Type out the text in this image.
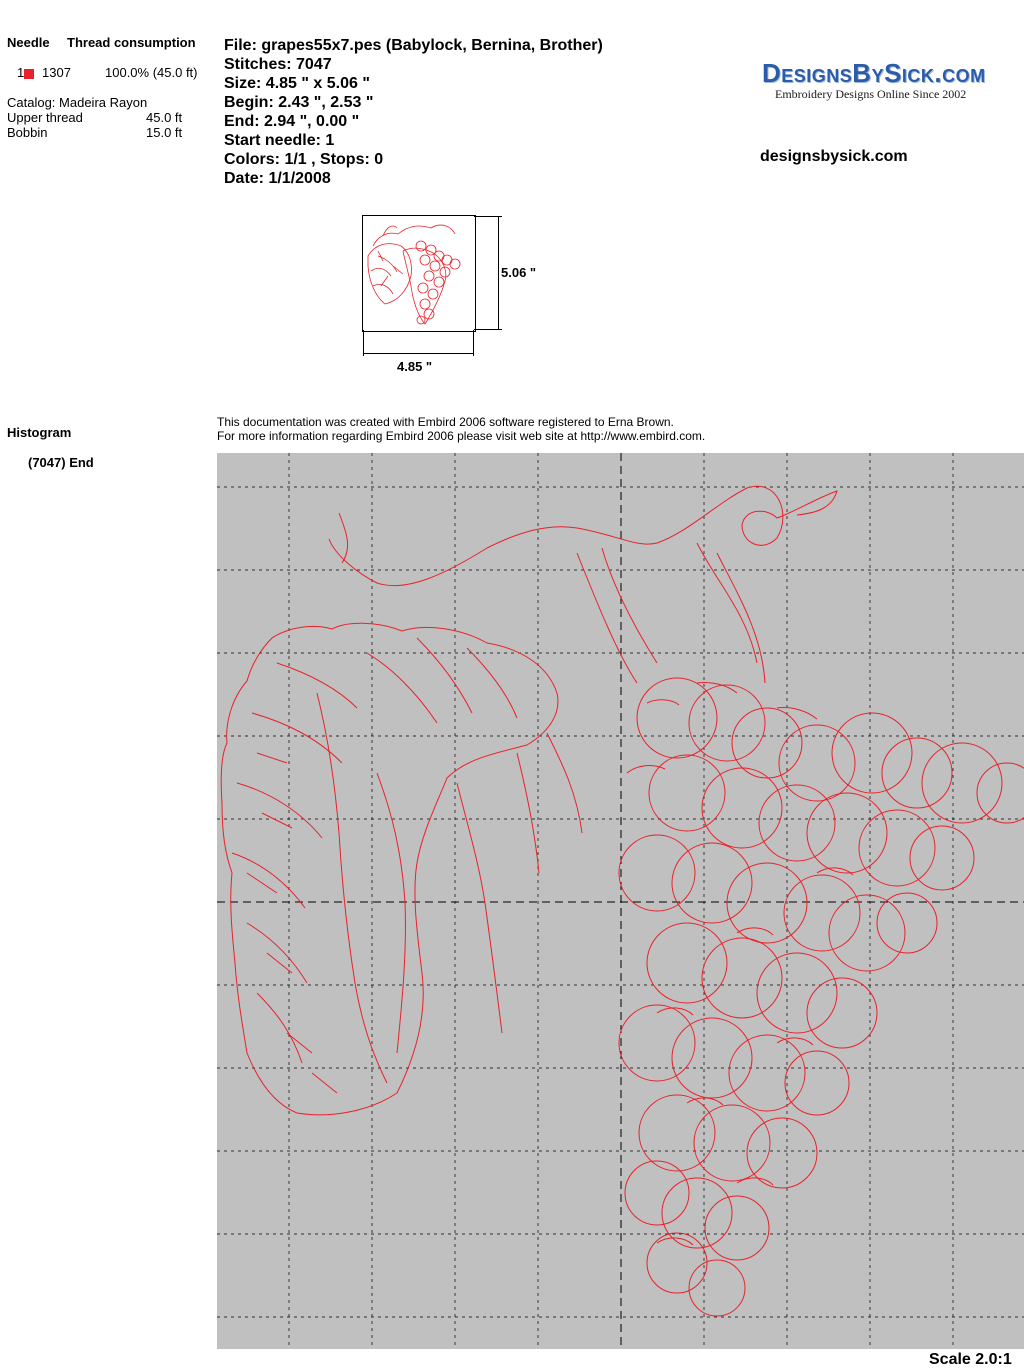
Needle Thread consumption
1	1307	100.0% (45.0 ft)
Catalog: Madeira Rayon
Upper thread	45.0 ft
Bobbin	15.0 ft
Histogram
(7047) End
File: grapes55x7.pes (Babylock, Bernina, Brother)
Stitches: 7047
Size: 4.85 " x 5.06 "
Begin: 2.43 ", 2.53 "
End: 2.94 ", 0.00 "
Start needle: 1
Colors: 1/1 , Stops: 0
Date: 1/1/2008
DesignsBySick.com
Embroidery Designs Online Since 2002
designsbysick.com
5.06 "
4.85 "
This documentation was created with Embird 2006 software registered to Erna Brown.
For more information regarding Embird 2006 please visit web site at http://www.embird.com.
Scale 2.0:1
